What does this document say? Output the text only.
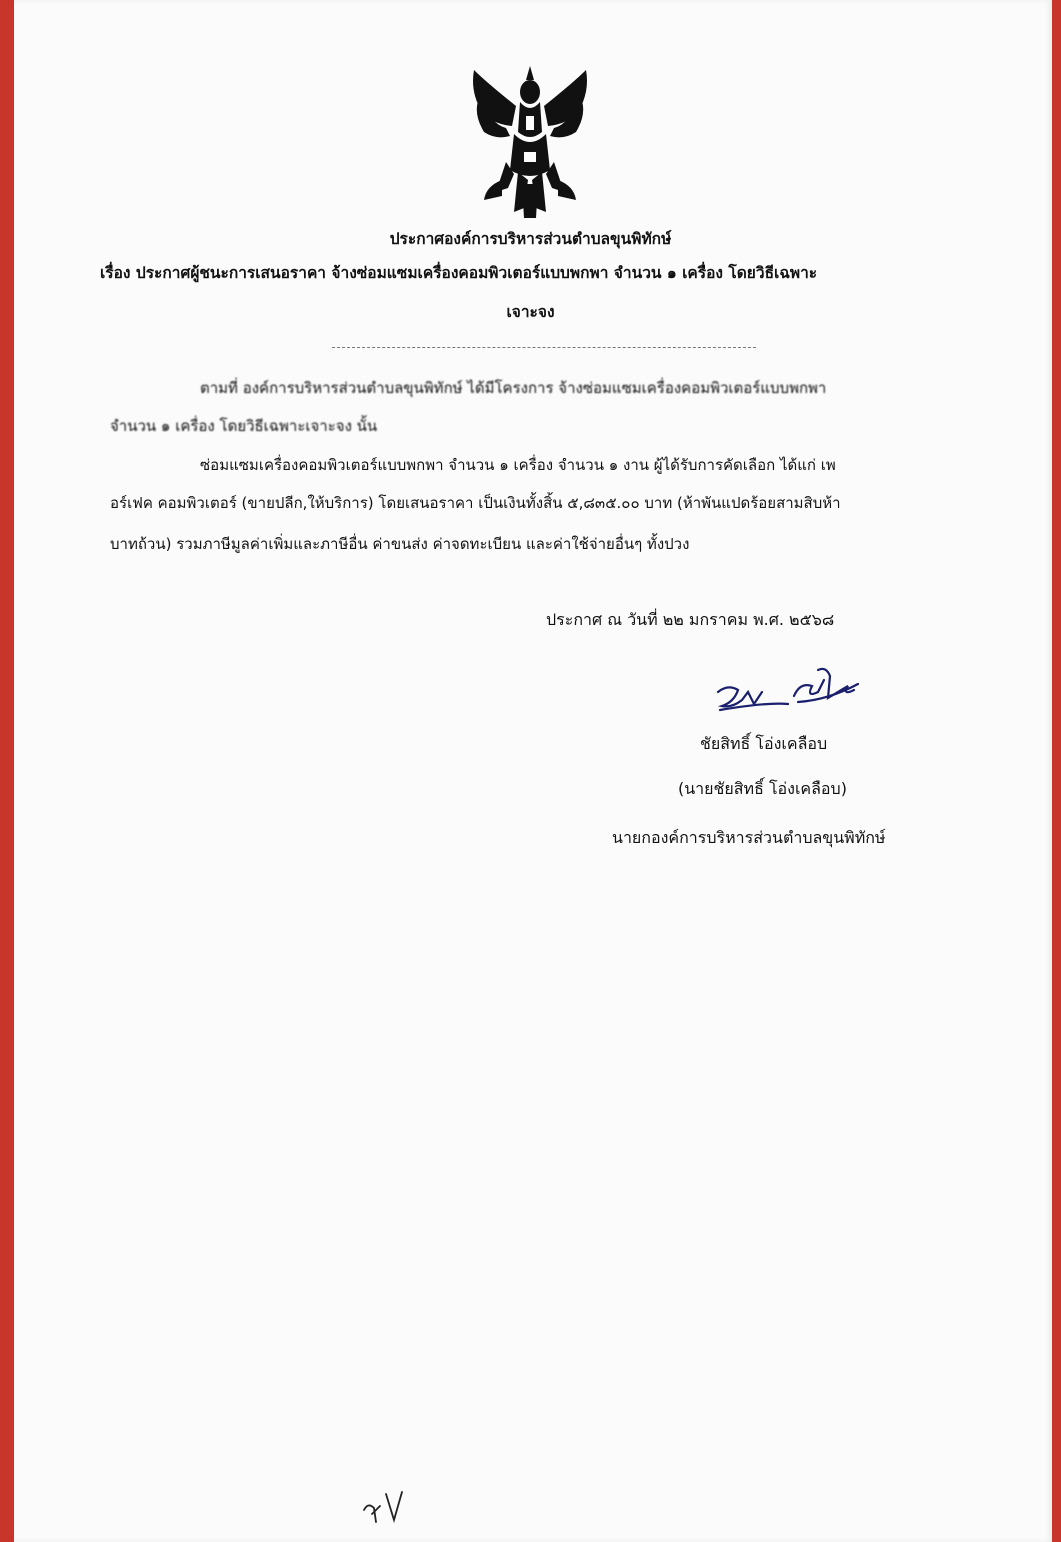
ประกาศองค์การบริหารส่วนตำบลขุนพิทักษ์
เรื่อง ประกาศผู้ชนะการเสนอราคา จ้างซ่อมแซมเครื่องคอมพิวเตอร์แบบพกพา จำนวน ๑ เครื่อง โดยวิธีเฉพาะ
เจาะจง
ตามที่ องค์การบริหารส่วนตำบลขุนพิทักษ์ ได้มีโครงการ จ้างซ่อมแซมเครื่องคอมพิวเตอร์แบบพกพา
จำนวน ๑ เครื่อง โดยวิธีเฉพาะเจาะจง นั้น
ซ่อมแซมเครื่องคอมพิวเตอร์แบบพกพา จำนวน ๑ เครื่อง จำนวน ๑ งาน ผู้ได้รับการคัดเลือก ได้แก่ เพ
อร์เฟค คอมพิวเตอร์ (ขายปลีก,ให้บริการ) โดยเสนอราคา เป็นเงินทั้งสิ้น ๕,๘๓๕.๐๐ บาท (ห้าพันแปดร้อยสามสิบห้า
บาทถ้วน) รวมภาษีมูลค่าเพิ่มและภาษีอื่น ค่าขนส่ง ค่าจดทะเบียน และค่าใช้จ่ายอื่นๆ ทั้งปวง
ประกาศ ณ วันที่ ๒๒ มกราคม พ.ศ. ๒๕๖๘
ชัยสิทธิ์ โอ่งเคลือบ
(นายชัยสิทธิ์ โอ่งเคลือบ)
นายกองค์การบริหารส่วนตำบลขุนพิทักษ์
